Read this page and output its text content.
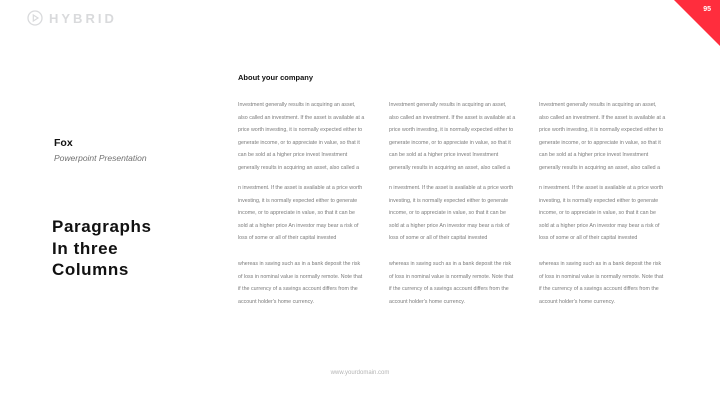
HYBRID
95
About your company
Fox
Powerpoint Presentation
Paragraphs
In three
Columns

Investment generally results in acquiring an asset, also called an investment. If the asset is available at a price worth investing, it is normally expected either to generate income, or to appreciate in value, so that it can be sold at a higher price invest Investment generally results in acquiring an asset, also called a

n investment. If the asset is available at a price worth investing, it is normally expected either to generate income, or to appreciate in value, so that it can be sold at a higher price An investor may bear a risk of loss of some or all of their capital invested

whereas in saving such as in a bank deposit the risk of loss in nominal value is normally remote. Note that if the currency of a savings account differs from the account holder's home currency.

Investment generally results in acquiring an asset, also called an investment. If the asset is available at a price worth investing, it is normally expected either to generate income, or to appreciate in value, so that it can be sold at a higher price invest Investment generally results in acquiring an asset, also called a

n investment. If the asset is available at a price worth investing, it is normally expected either to generate income, or to appreciate in value, so that it can be sold at a higher price An investor may bear a risk of loss of some or all of their capital invested

whereas in saving such as in a bank deposit the risk of loss in nominal value is normally remote. Note that if the currency of a savings account differs from the account holder's home currency.

Investment generally results in acquiring an asset, also called an investment. If the asset is available at a price worth investing, it is normally expected either to generate income, or to appreciate in value, so that it can be sold at a higher price invest Investment generally results in acquiring an asset, also called a

n investment. If the asset is available at a price worth investing, it is normally expected either to generate income, or to appreciate in value, so that it can be sold at a higher price An investor may bear a risk of loss of some or all of their capital invested

whereas in saving such as in a bank deposit the risk of loss in nominal value is normally remote. Note that if the currency of a savings account differs from the account holder's home currency.

www.yourdomain.com
